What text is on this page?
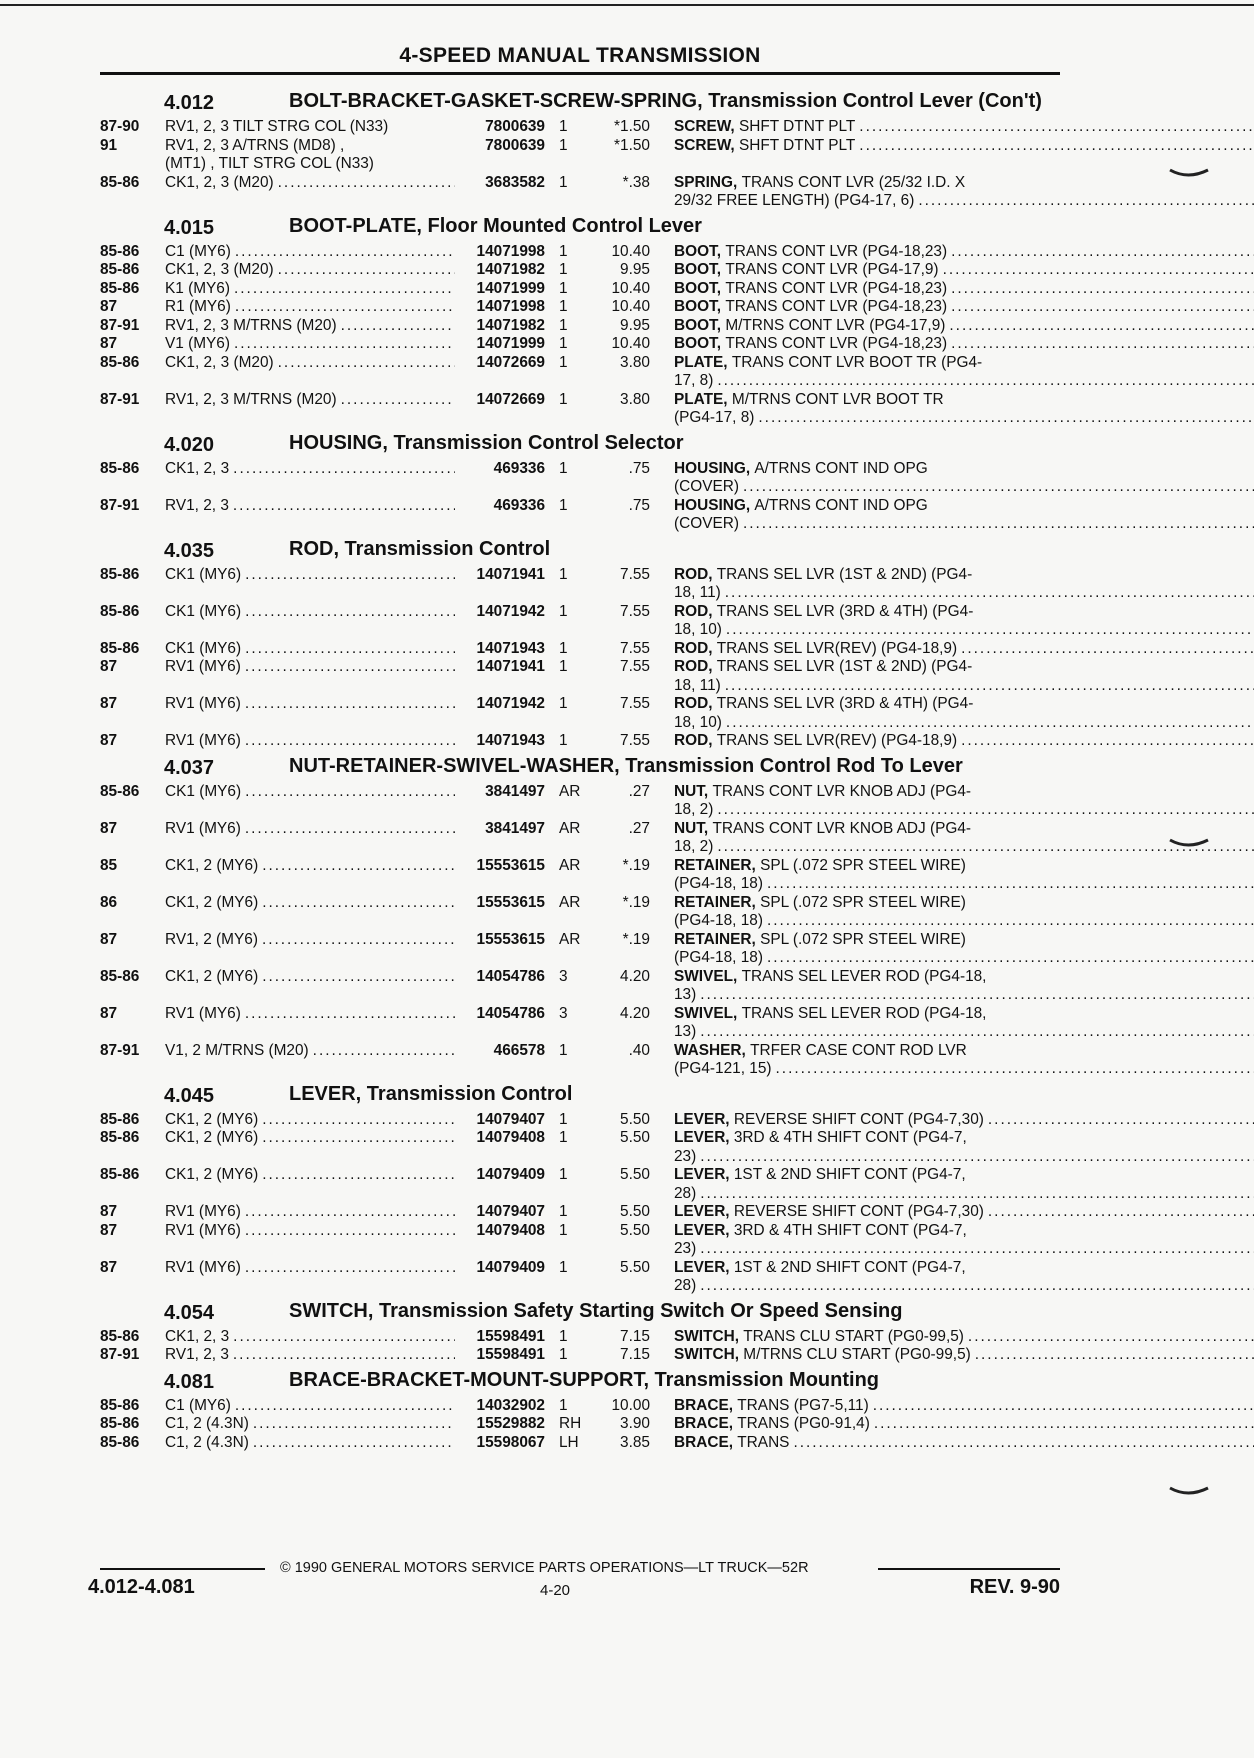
4-SPEED MANUAL TRANSMISSION
4.012	BOLT-BRACKET-GASKET-SCREW-SPRING, Transmission Control Lever (Con't)
87-90	RV1, 2, 3 TILT STRG COL (N33)	7800639 1	*1.50 SCREW,
SHFT DTNT PLT
.....
91	RV1, 2, 3 A/TRNS (MD8) ,
(MT1) , TILT STRG COL (N33)
7800639 1	*1.50 SCREW,
SHFT DTNT PLT
.....
85-86	CK1, 2, 3 (M20) .....	3683582 1	*.38 SPRING,
TRANS CONT LVR (25/32 I.D. X
29/32 FREE LENGTH) (PG4-17, 6)
.....
4.015	BOOT-PLATE, Floor Mounted Control Lever
85-86	C1 (MY6) .....	14071998 1	10.40 BOOT,
TRANS CONT LVR (PG4-18,23)
.....
85-86	CK1, 2, 3 (M20) .....	14071982 1	9.95 BOOT,
TRANS CONT LVR (PG4-17,9)
.....
85-86	K1 (MY6) .....	14071999 1	10.40 BOOT,
TRANS CONT LVR (PG4-18,23)
.....
87	R1 (MY6) .....	14071998 1	10.40 BOOT,
TRANS CONT LVR (PG4-18,23)
.....
87-91	RV1, 2, 3 M/TRNS (M20) .....	14071982 1	9.95 BOOT,
M/TRNS CONT LVR (PG4-17,9)
.....
87	V1 (MY6) .....	14071999 1	10.40 BOOT,
TRANS CONT LVR (PG4-18,23)
.....
85-86	CK1, 2, 3 (M20) .....	14072669 1	3.80 PLATE,
TRANS CONT LVR BOOT TR (PG4-
17, 8)
.....
87-91	RV1, 2, 3 M/TRNS (M20) .....	14072669 1	3.80 PLATE,
M/TRNS CONT LVR BOOT TR
(PG4-17, 8)
.....
4.020	HOUSING, Transmission Control Selector
85-86	CK1, 2, 3 .....	469336 1	.75 HOUSING,
A/TRNS CONT IND OPG
(COVER)
.....
87-91	RV1, 2, 3 .....	469336 1	.75 HOUSING,
A/TRNS CONT IND OPG
(COVER)
.....
4.035	ROD, Transmission Control
85-86	CK1 (MY6) .....	14071941 1	7.55 ROD,
TRANS SEL LVR (1ST & 2ND) (PG4-
18, 11)
.....
85-86	CK1 (MY6) .....	14071942 1	7.55 ROD,
TRANS SEL LVR (3RD & 4TH) (PG4-
18, 10)
.....
85-86	CK1 (MY6) .....	14071943 1	7.55 ROD,
TRANS SEL LVR(REV) (PG4-18,9)
.....
87	RV1 (MY6) .....	14071941 1	7.55 ROD,
TRANS SEL LVR (1ST & 2ND) (PG4-
18, 11)
.....
87	RV1 (MY6) .....	14071942 1	7.55 ROD,
TRANS SEL LVR (3RD & 4TH) (PG4-
18, 10)
.....
87	RV1 (MY6) .....	14071943 1	7.55 ROD,
TRANS SEL LVR(REV) (PG4-18,9)
.....
4.037	NUT-RETAINER-SWIVEL-WASHER, Transmission Control Rod To Lever
85-86	CK1 (MY6) .....	3841497 AR	.27 NUT,
TRANS CONT LVR KNOB ADJ (PG4-
18, 2)
.....
87	RV1 (MY6) .....	3841497 AR	.27 NUT,
TRANS CONT LVR KNOB ADJ (PG4-
18, 2)
.....
85	CK1, 2 (MY6) .....	15553615 AR	*.19 RETAINER,
SPL (.072 SPR STEEL WIRE)
(PG4-18, 18)
.....
86	CK1, 2 (MY6) .....	15553615 AR	*.19 RETAINER,
SPL (.072 SPR STEEL WIRE)
(PG4-18, 18)
.....
87	RV1, 2 (MY6) .....	15553615 AR	*.19 RETAINER,
SPL (.072 SPR STEEL WIRE)
(PG4-18, 18)
.....
85-86	CK1, 2 (MY6) .....	14054786 3	4.20 SWIVEL,
TRANS SEL LEVER ROD (PG4-18,
13)
.....
87	RV1 (MY6) .....	14054786 3	4.20 SWIVEL,
TRANS SEL LEVER ROD (PG4-18,
13)
.....
87-91	V1, 2 M/TRNS (M20) .....	466578 1	.40 WASHER,
TRFER CASE CONT ROD LVR
(PG4-121, 15)
.....
4.045	LEVER, Transmission Control
85-86	CK1, 2 (MY6) .....	14079407 1	5.50 LEVER,
REVERSE SHIFT CONT (PG4-7,30)
.....
85-86	CK1, 2 (MY6) .....	14079408 1	5.50 LEVER,
3RD & 4TH SHIFT CONT (PG4-7,
23)
.....
85-86	CK1, 2 (MY6) .....	14079409 1	5.50 LEVER,
1ST & 2ND SHIFT CONT (PG4-7,
28)
.....
87	RV1 (MY6) .....	14079407 1	5.50 LEVER,
REVERSE SHIFT CONT (PG4-7,30)
.....
87	RV1 (MY6) .....	14079408 1	5.50 LEVER,
3RD & 4TH SHIFT CONT (PG4-7,
23)
.....
87	RV1 (MY6) .....	14079409 1	5.50 LEVER,
1ST & 2ND SHIFT CONT (PG4-7,
28)
.....
4.054	SWITCH, Transmission Safety Starting Switch Or Speed Sensing
85-86	CK1, 2, 3 .....	15598491 1	7.15 SWITCH,
TRANS CLU START (PG0-99,5)
.....
87-91	RV1, 2, 3 .....	15598491 1	7.15 SWITCH,
M/TRNS CLU START (PG0-99,5)
.....
4.081	BRACE-BRACKET-MOUNT-SUPPORT, Transmission Mounting
85-86	C1 (MY6) .....	14032902 1	10.00 BRACE,
TRANS (PG7-5,11)
.....
85-86	C1, 2 (4.3N) .....	15529882 RH	3.90 BRACE,
TRANS (PG0-91,4)
.....
85-86	C1, 2 (4.3N) .....	15598067 LH	3.85 BRACE,
TRANS
.....
© 1990 GENERAL MOTORS SERVICE PARTS OPERATIONS—LT TRUCK—52R
4.012-4.081	4-20	REV. 9-90
